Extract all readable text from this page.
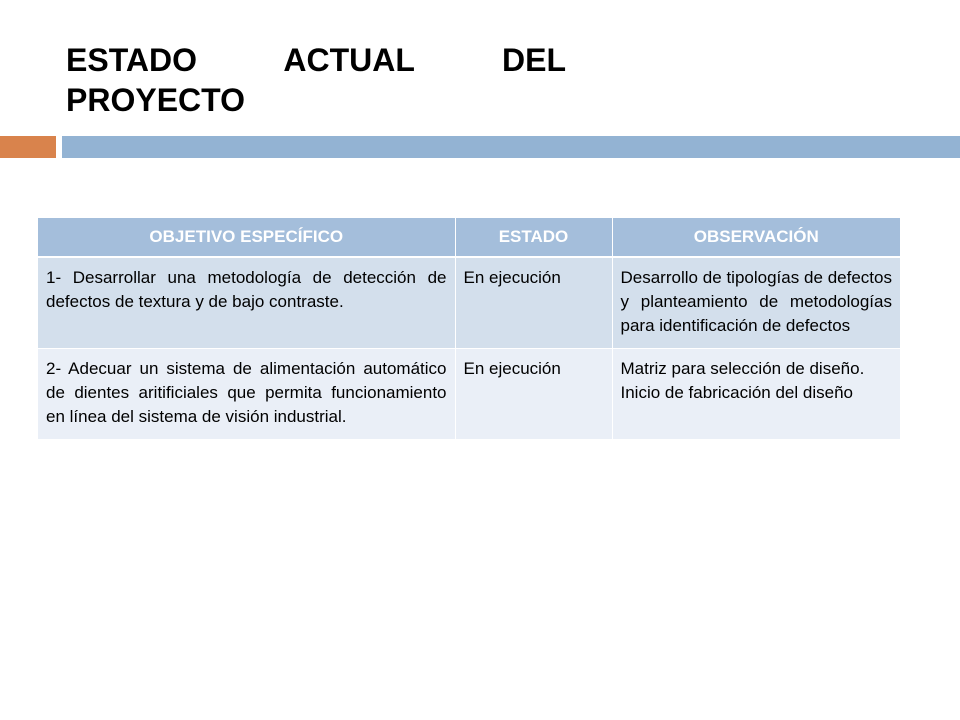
ESTADO ACTUAL DEL
PROYECTO
OBJETIVO ESPECÍFICO	ESTADO	OBSERVACIÓN
1- Desarrollar una metodología de detección de defectos de textura y de bajo contraste.	En ejecución	Desarrollo de tipologías de defectos y planteamiento de metodologías para identificación de defectos

2- Adecuar un sistema de alimentación automático de dientes aritificiales que permita funcionamiento en línea del sistema de visión industrial.	En ejecución	Matriz para selección de diseño.
Inicio de fabricación del diseño
